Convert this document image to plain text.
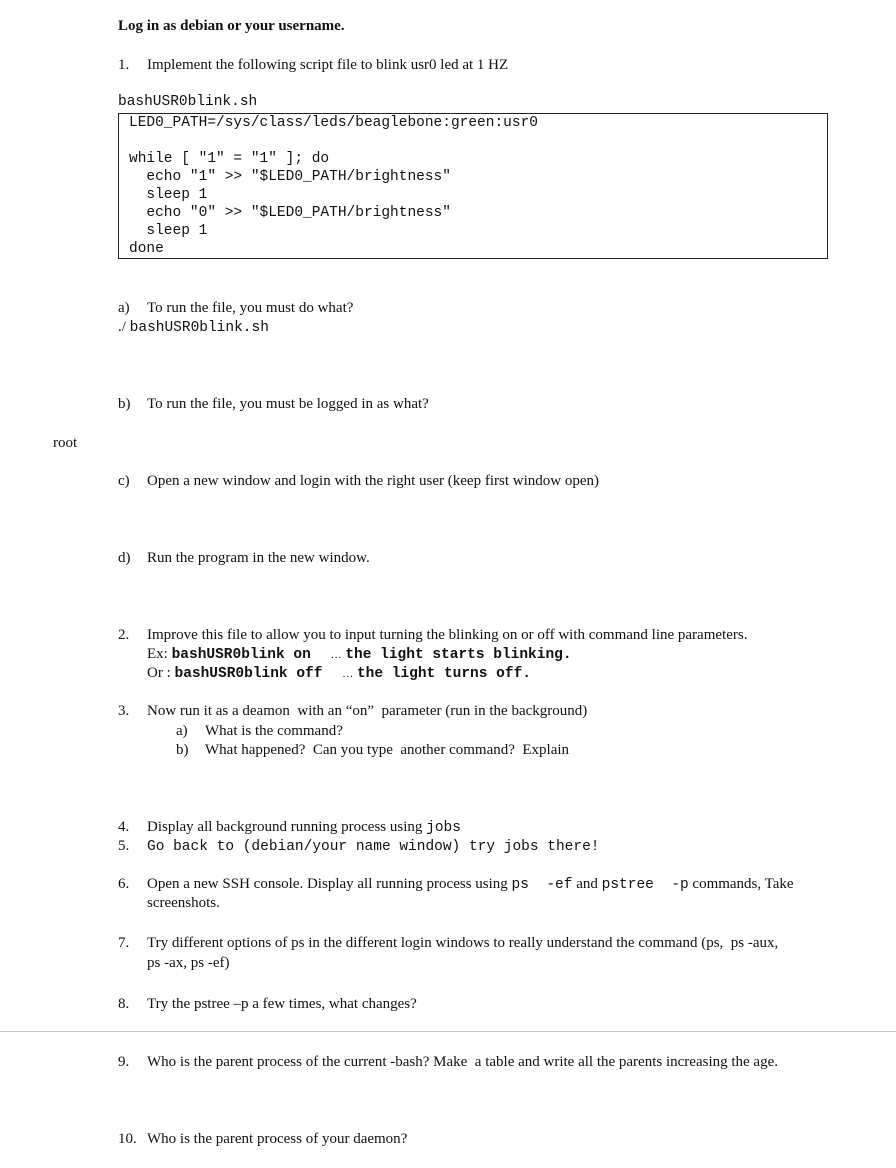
Log in as debian or your username.
1. Implement the following script file to blink usr0 led at 1 HZ
bashUSR0blink.sh
LED0_PATH=/sys/class/leds/beaglebone:green:usr0
while [ "1" = "1" ]; do
echo "1" >> "$LED0_PATH/brightness"
sleep 1
echo "0" >> "$LED0_PATH/brightness"
sleep 1
done
a) To run the file, you must do what?
./ bashUSR0blink.sh
b) To run the file, you must be logged in as what?
root
c) Open a new window and login with the right user (keep first window open)
d) Run the program in the new window.
2. Improve this file to allow you to input turning the blinking on or off with command line parameters.
Ex: bashUSR0blink on … the light starts blinking.
Or : bashUSR0blink off … the light turns off.
3. Now run it as a deamon  with an “on”  parameter (run in the background)
a) What is the command?
b) What happened?  Can you type  another command?  Explain
4. Display all background running process using jobs
5. Go back to (debian/your name window) try jobs there!
6. Open a new SSH console. Display all running process using ps  -ef and pstree  -p commands, Take
screenshots.
7. Try different options of ps in the different login windows to really understand the command (ps,  ps -aux,
ps -ax, ps -ef)
8. Try the pstree –p a few times, what changes?
9. Who is the parent process of the current -bash? Make  a table and write all the parents increasing the age.
10. Who is the parent process of your daemon?
